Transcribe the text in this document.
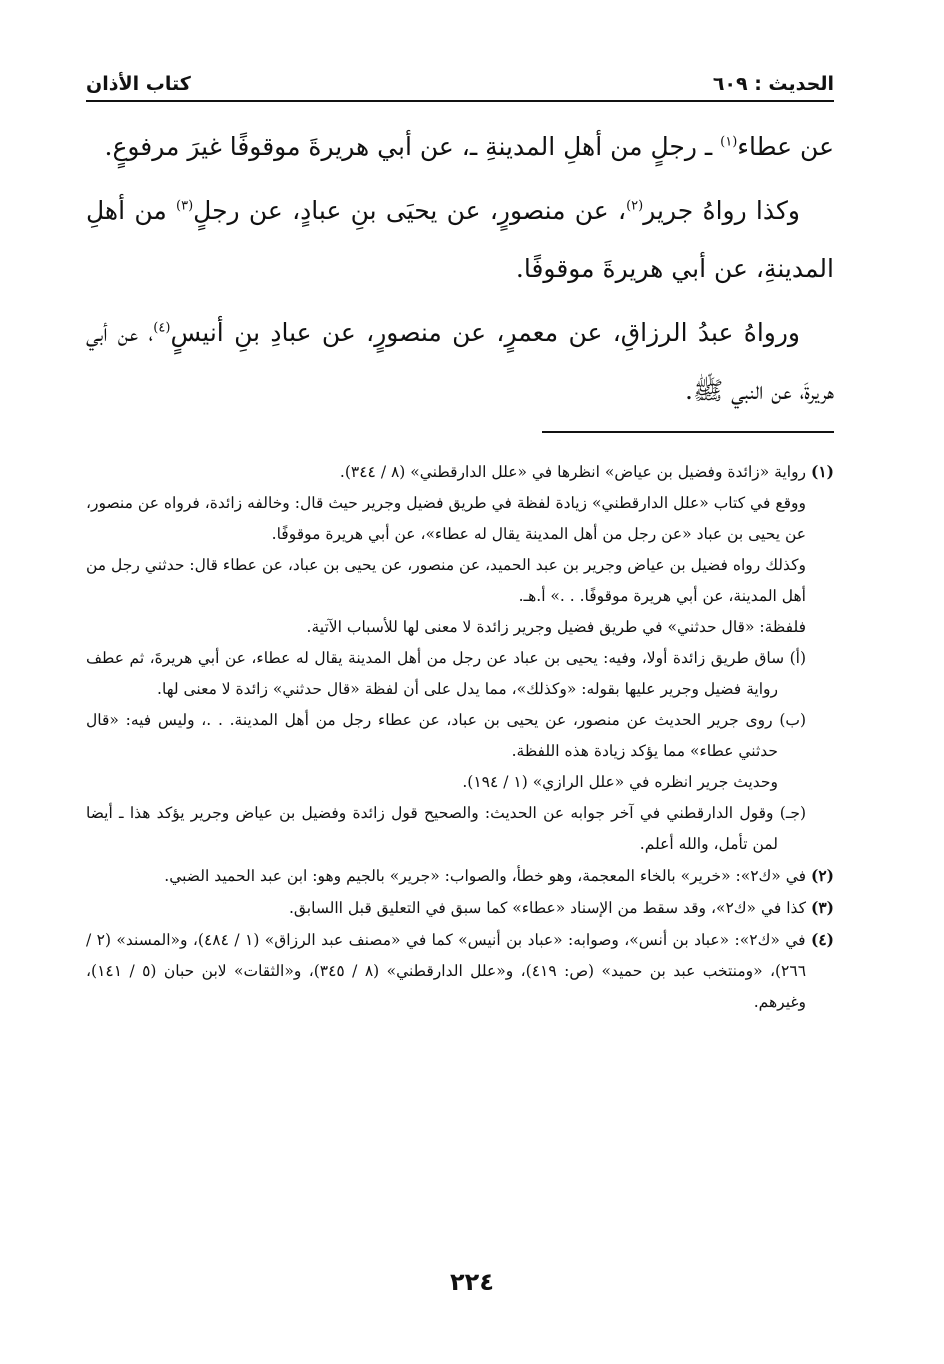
الحديث : ٦٠٩
كتاب الأذان

عن عطاء$^{(١)}$ ـ رجلٍ من أهلِ المدينةِ ـ، عن أبي هريرةَ موقوفًا غيرَ مرفوعٍ.

وكذا رواهُ جرير$^{(٢)}$، عن منصورٍ، عن يحيَى بنِ عبادٍ، عن رجلٍ$^{(٣)}$ من أهلِ المدينةِ، عن أبي هريرةَ موقوفًا.

ورواهُ عبدُ الرزاقِ، عن معمرٍ، عن منصورٍ، عن عبادِ بنِ أنيسٍ$^{(٤)}$، عن أبي هريرةَ، عن النبي ﷺ.

(١) رواية «زائدة وفضيل بن عياض» انظرها في «علل الدارقطني» (٨ / ٣٤٤).

ووقع في كتاب «علل الدارقطني» زيادة لفظة في طريق فضيل وجرير حيث قال: وخالفه زائدة، فرواه عن منصور، عن يحيى بن عباد «عن رجل من أهل المدينة يقال له عطاء»، عن أبي هريرة موقوفًا.

وكذلك رواه فضيل بن عياض وجرير بن عبد الحميد، عن منصور، عن يحيى بن عباد، عن عطاء قال: حدثني رجل من أهل المدينة، عن أبي هريرة موقوفًا. . .» أ.هـ.

فلفظة: «قال حدثني» في طريق فضيل وجرير زائدة لا معنى لها للأسباب الآتية.

(أ) ساق طريق زائدة أولا، وفيه: يحيى بن عباد عن رجل من أهل المدينة يقال له عطاء، عن أبي هريرةَ، ثم عطف رواية فضيل وجرير عليها بقوله: «وكذلك»، مما يدل على أن لفظة «قال حدثني» زائدة لا معنى لها.

(ب) روى جرير الحديث عن منصور، عن يحيى بن عباد، عن عطاء رجل من أهل المدينة. . .، وليس فيه: «قال حدثني عطاء» مما يؤكد زيادة هذه اللفظة.

وحديث جرير انظره في «علل الرازي» (١ / ١٩٤).

(جـ) وقول الدارقطني في آخر جوابه عن الحديث: والصحيح قول زائدة وفضيل بن عياض وجرير يؤكد هذا ـ أيضا لمن تأمل، والله أعلم.

(٢) في «ك٢»: «خرير» بالخاء المعجمة، وهو خطأ، والصواب: «جرير» بالجيم وهو: ابن عبد الحميد الضبي.

(٣) كذا في «ك٢»، وقد سقط من الإسناد «عطاء» كما سبق في التعليق قبل االسابق.

(٤) في «ك٢»: «عباد بن أنس»، وصوابه: «عباد بن أنيس» كما في «مصنف عبد الرزاق» (١ / ٤٨٤)، و«المسند» (٢ / ٢٦٦)، «ومنتخب عبد بن حميد» (ص: ٤١٩)، و«علل الدارقطني» (٨ / ٣٤٥)، و«الثقات» لابن حبان (٥ / ١٤١)، وغيرهم.

٢٢٤
